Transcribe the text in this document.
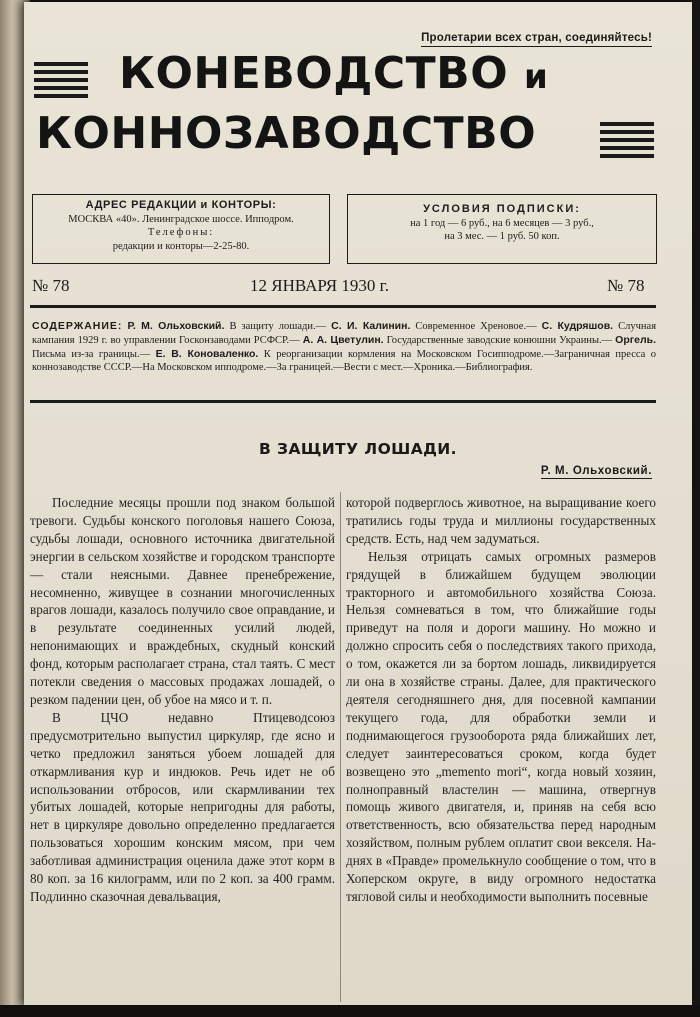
Пролетарии всех стран, соединяйтесь!
КОНЕВОДСТВО и
КОННОЗАВОДСТВО
АДРЕС РЕДАКЦИИ и КОНТОРЫ:
МОСКВА «40». Ленинградское шоссе. Ипподром.
Телефоны:
редакции и конторы—2-25-80.
УСЛОВИЯ ПОДПИСКИ:
на 1 год — 6 руб., на 6 месяцев — 3 руб.,
на 3 мес. — 1 руб. 50 коп.
№ 78	12 ЯНВАРЯ 1930 г.	№ 78
СОДЕРЖАНИЕ: Р. М. Ольховский. В защиту лошади.— С. И. Калинин. Современное Хреновое.— С. Кудряшов. Случная кампания 1929 г. во управлении Госконзаводами РСФСР.— А. А. Цветулин. Государственные заводские конюшни Украины.— Оргель. Письма из-за границы.— Е. В. Коноваленко. К реорганизации кормления на Московском Госипподроме.—Заграничная пресса о коннозаводстве СССР.—На Московском ипподроме.—За границей.—Вести с мест.—Хроника.—Библиография.
В ЗАЩИТУ ЛОШАДИ.
Р. М. Ольховский.

Последние месяцы прошли под знаком большой тревоги. Судьбы конского поголовья нашего Союза, судьбы лошади, основного источника двигательной энергии в сельском хозяйстве и городском транспорте — стали неясными. Давнее пренебрежение, несомненно, живущее в сознании многочисленных врагов лошади, казалось получило свое оправдание, и в результате соединенных усилий людей, непонимающих и враждебных, скудный конский фонд, которым располагает страна, стал таять. С мест потекли сведения о массовых продажах лошадей, о резком падении цен, об убое на мясо и т. п.

В ЦЧО недавно Птицеводсоюз предусмотрительно выпустил циркуляр, где ясно и четко предложил заняться убоем лошадей для откармливания кур и индюков. Речь идет не об использовании отбросов, или скармливании тех убитых лошадей, которые непригодны для работы, нет в циркуляре довольно определенно предлагается пользоваться хорошим конским мясом, при чем заботливая администрация оценила даже этот корм в 80 коп. за 16 килограмм, или по 2 коп. за 400 грамм. Подлинно сказочная девальвация,

которой подверглось животное, на выращивание коего тратились годы труда и миллионы государственных средств. Есть, над чем задуматься.

Нельзя отрицать самых огромных размеров грядущей в ближайшем будущем эволюции тракторного и автомобильного хозяйства Союза. Нельзя сомневаться в том, что ближайшие годы приведут на поля и дороги машину. Но можно и должно спросить себя о последствиях такого прихода, о том, окажется ли за бортом лошадь, ликвидируется ли она в хозяйстве страны. Далее, для практического деятеля сегодняшнего дня, для посевной кампании текущего года, для обработки земли и поднимающегося грузооборота ряда ближайших лет, следует заинтересоваться сроком, когда будет возвещено это „memento mori“, когда новый хозяин, полноправный властелин — машина, отвергнув помощь живого двигателя, и, приняв на себя всю ответственность, всю обязательства перед народным хозяйством, полным рублем оплатит свои векселя. На-днях в «Правде» промелькнуло сообщение о том, что в Хоперском округе, в виду огромного недостатка тягловой силы и необходимости выполнить посевные
